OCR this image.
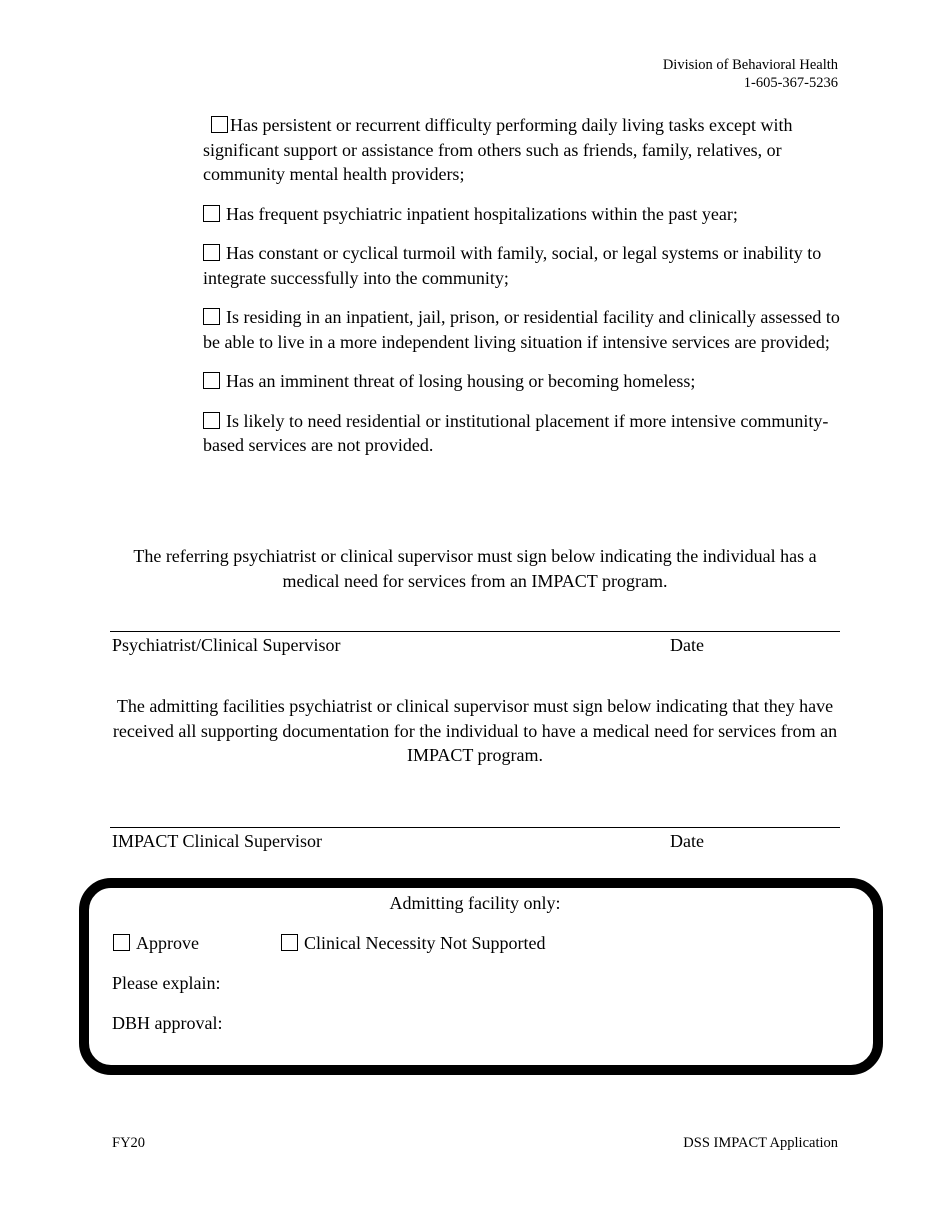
Division of Behavioral Health
1-605-367-5236
Has persistent or recurrent difficulty performing daily living tasks except with significant support or assistance from others such as friends, family, relatives, or community mental health providers;
Has frequent psychiatric inpatient hospitalizations within the past year;
Has constant or cyclical turmoil with family, social, or legal systems or inability to integrate successfully into the community;
Is residing in an inpatient, jail, prison, or residential facility and clinically assessed to be able to live in a more independent living situation if intensive services are provided;
Has an imminent threat of losing housing or becoming homeless;
Is likely to need residential or institutional placement if more intensive community-based services are not provided.
The referring psychiatrist or clinical supervisor must sign below indicating the individual has a medical need for services from an IMPACT program.
Psychiatrist/Clinical Supervisor	Date
The admitting facilities psychiatrist or clinical supervisor must sign below indicating that they have received all supporting documentation for the individual to have a medical need for services from an IMPACT program.
IMPACT Clinical Supervisor	Date
Admitting facility only:
Approve	Clinical Necessity Not Supported
Please explain:
DBH approval:
FY20	DSS IMPACT Application
